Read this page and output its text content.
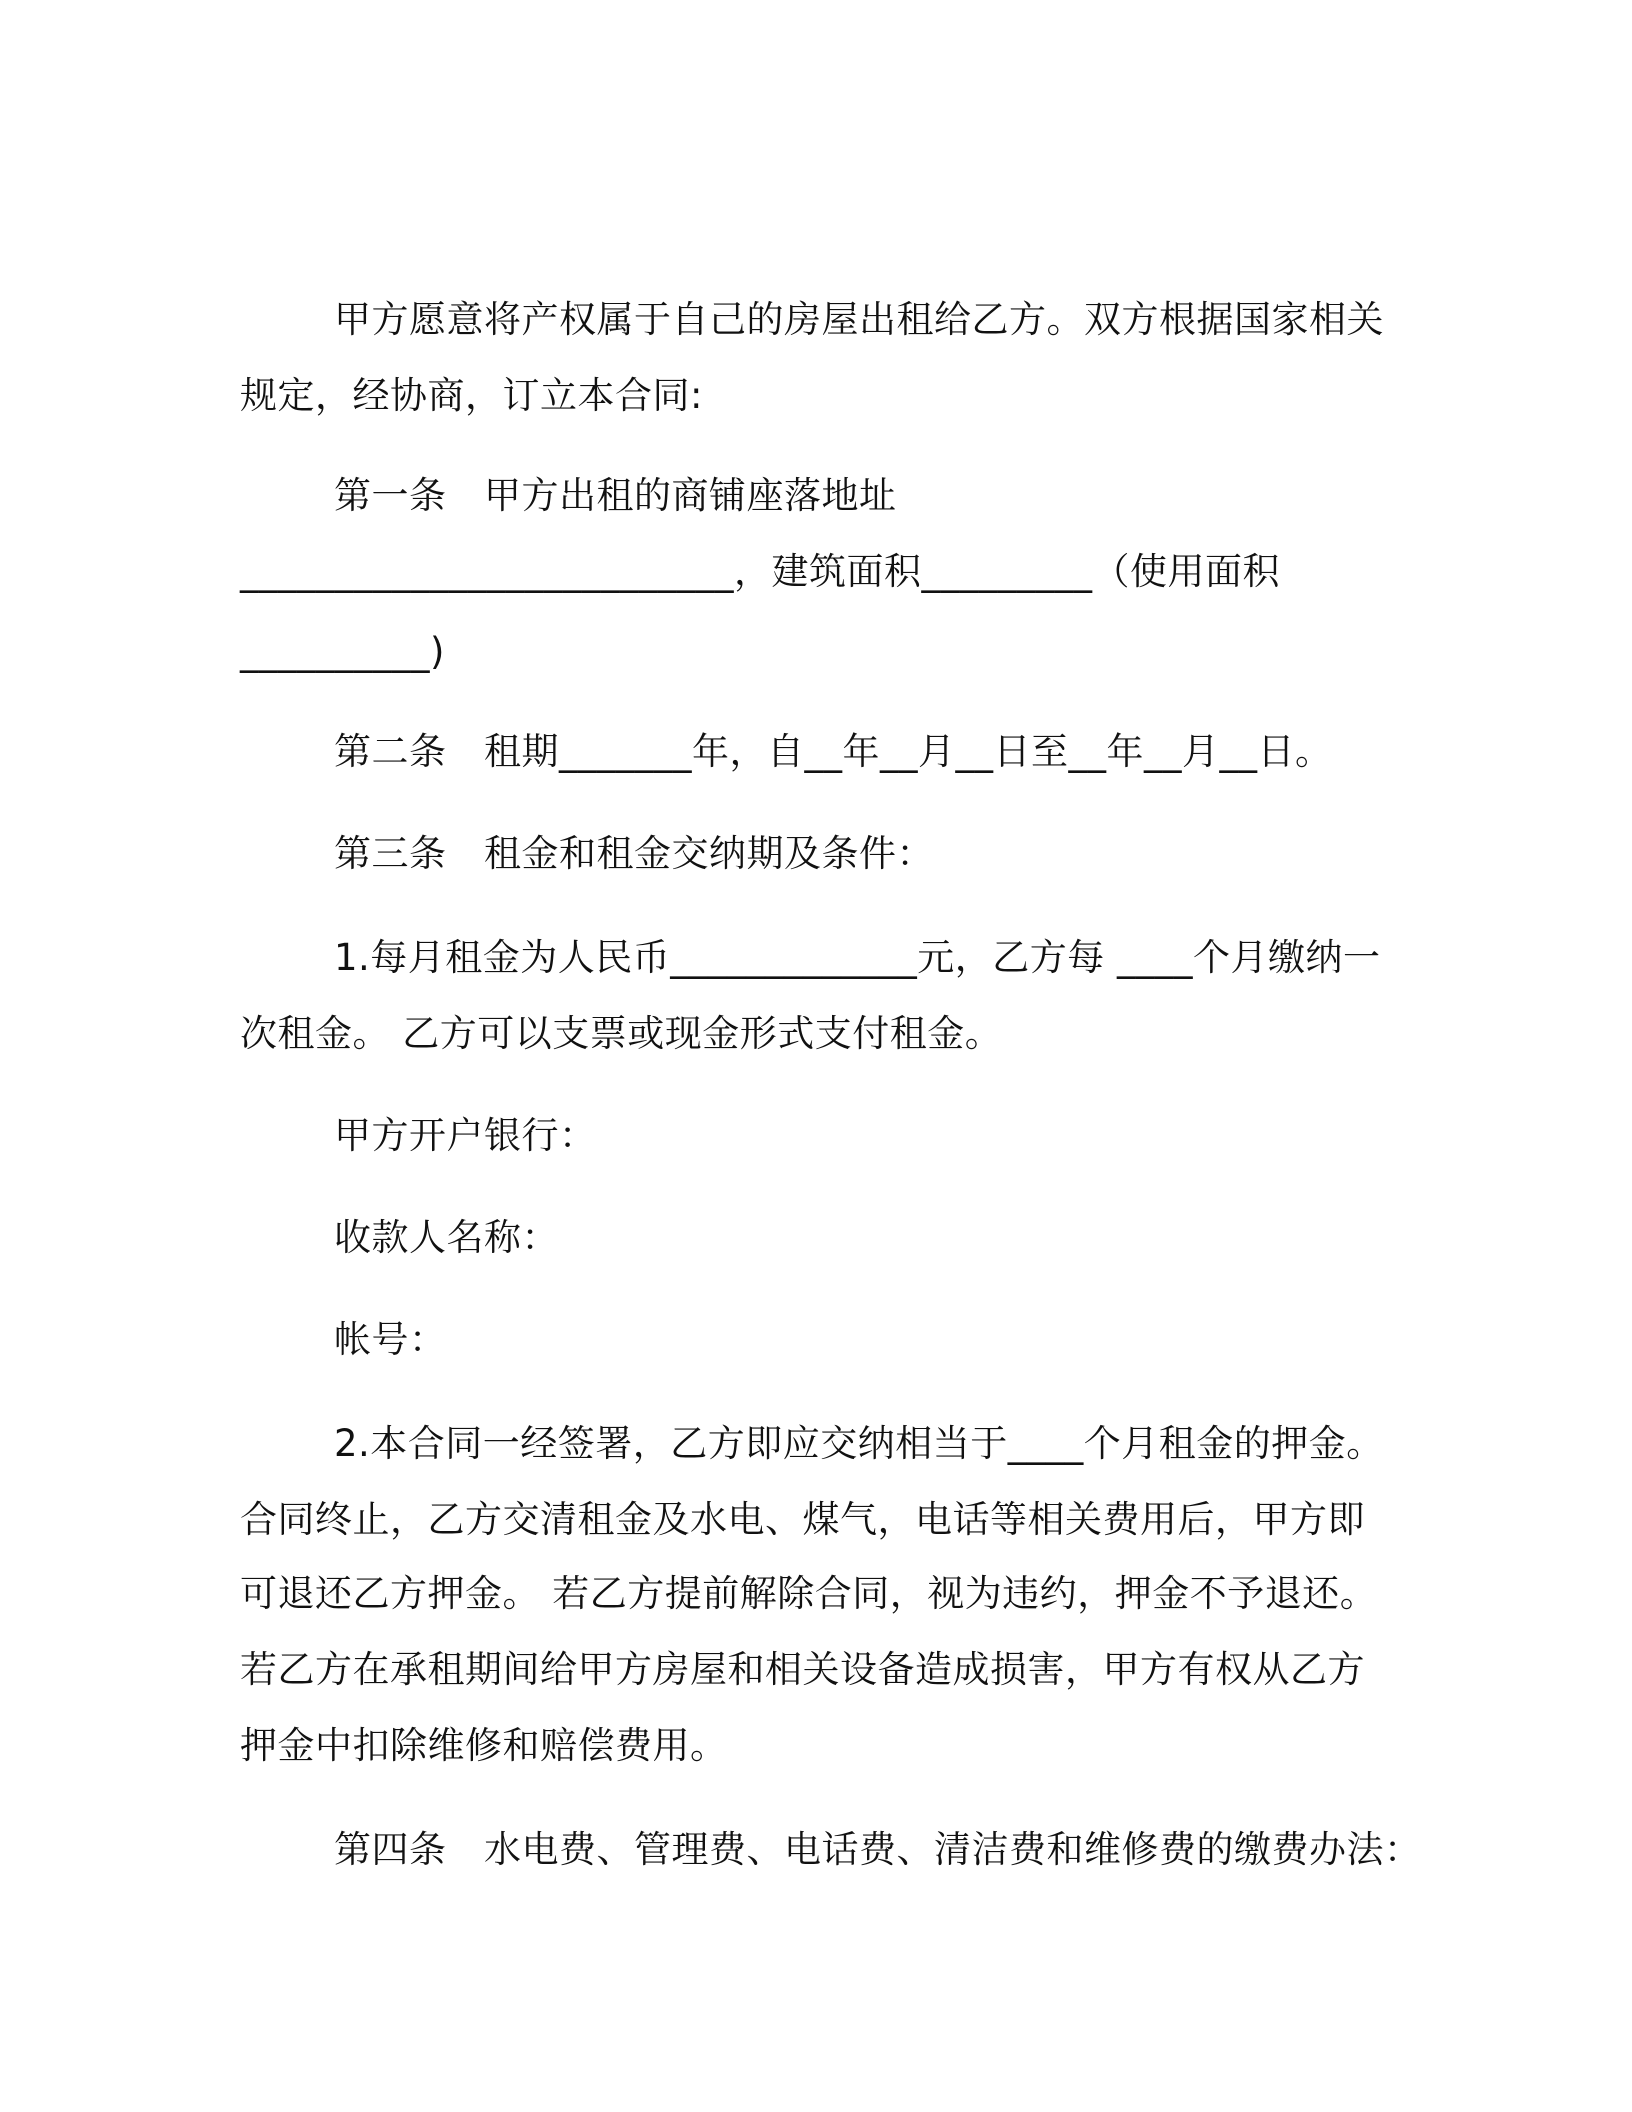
甲方愿意将产权属于自己的房屋出租给乙方。双方根据国家相关
规定，经协商，订立本合同:
第一条　甲方出租的商铺座落地址
__________________________，建筑面积_________（使用面积
__________)
第二条　租期_______年，自__年__月__日至__年__月__日。
第三条　租金和租金交纳期及条件：
1.每月租金为人民币_____________元，乙方每 ____个月缴纳一
次租金。 乙方可以支票或现金形式支付租金。
甲方开户银行：
收款人名称：
帐号：
2.本合同一经签署，乙方即应交纳相当于____个月租金的押金。
合同终止，乙方交清租金及水电、煤气，电话等相关费用后，甲方即
可退还乙方押金。 若乙方提前解除合同，视为违约，押金不予退还。
若乙方在承租期间给甲方房屋和相关设备造成损害，甲方有权从乙方
押金中扣除维修和赔偿费用。
第四条　水电费、管理费、电话费、清洁费和维修费的缴费办法：
